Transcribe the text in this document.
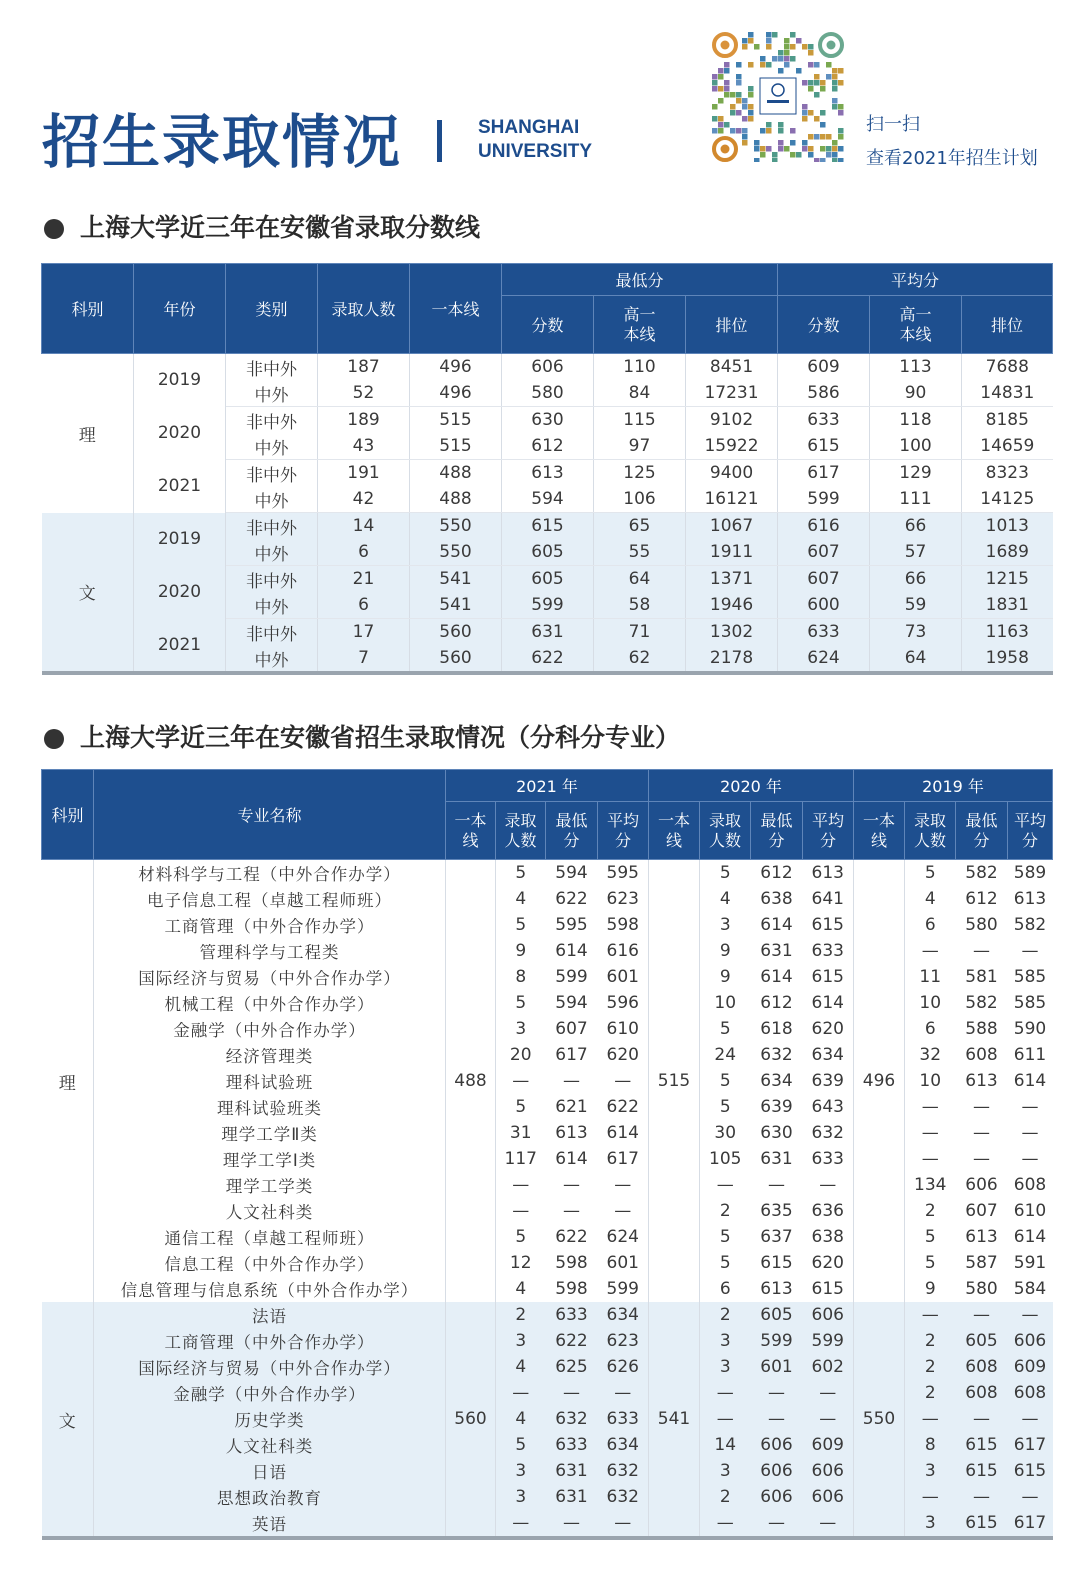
招生录取情况	SHANGHAI
UNIVERSITY
扫一扫
查看2021年招生计划
上海大学近三年在安徽省录取分数线
科别	年份	类别	录取人数	一本线	最低分			平均分		
					分数	高一本线	排位	分数	高一本线	排位
理	2019	非中外	187	496	606	110	8451	609	113	7688
		中外	52	496	580	84	17231	586	90	14831
	2020	非中外	189	515	630	115	9102	633	118	8185
		中外	43	515	612	97	15922	615	100	14659
	2021	非中外	191	488	613	125	9400	617	129	8323
		中外	42	488	594	106	16121	599	111	14125
文	2019	非中外	14	550	615	65	1067	616	66	1013
		中外	6	550	605	55	1911	607	57	1689
	2020	非中外	21	541	605	64	1371	607	66	1215
		中外	6	541	599	58	1946	600	59	1831
	2021	非中外	17	560	631	71	1302	633	73	1163
		中外	7	560	622	62	2178	624	64	1958
上海大学近三年在安徽省招生录取情况（分科分专业）
科别	专业名称	2021 年				2020 年				2019 年			
		一本线	录取人数	最低分	平均分	一本线	录取人数	最低分	平均分	一本线	录取人数	最低分	平均分
理	材料科学与工程（中外合作办学）	488	5	594	595	515	5	612	613	496	5	582	589
	电子信息工程（卓越工程师班）		4	622	623		4	638	641		4	612	613
	工商管理（中外合作办学）		5	595	598		3	614	615		6	580	582
	管理科学与工程类		9	614	616		9	631	633		—	—	—
	国际经济与贸易（中外合作办学）		8	599	601		9	614	615		11	581	585
	机械工程（中外合作办学）		5	594	596		10	612	614		10	582	585
	金融学（中外合作办学）		3	607	610		5	618	620		6	588	590
	经济管理类		20	617	620		24	632	634		32	608	611
	理科试验班		—	—	—		5	634	639		10	613	614
	理科试验班类		5	621	622		5	639	643		—	—	—
	理学工学Ⅱ类		31	613	614		30	630	632		—	—	—
	理学工学Ⅰ类		117	614	617		105	631	633		—	—	—
	理学工学类		—	—	—		—	—	—		134	606	608
	人文社科类		—	—	—		2	635	636		2	607	610
	通信工程（卓越工程师班）		5	622	624		5	637	638		5	613	614
	信息工程（中外合作办学）		12	598	601		5	615	620		5	587	591
	信息管理与信息系统（中外合作办学）		4	598	599		6	613	615		9	580	584
文	法语	560	2	633	634	541	2	605	606	550	—	—	—
	工商管理（中外合作办学）		3	622	623		3	599	599		2	605	606
	国际经济与贸易（中外合作办学）		4	625	626		3	601	602		2	608	609
	金融学（中外合作办学）		—	—	—		—	—	—		2	608	608
	历史学类		4	632	633		—	—	—		—	—	—
	人文社科类		5	633	634		14	606	609		8	615	617
	日语		3	631	632		3	606	606		3	615	615
	思想政治教育		3	631	632		2	606	606		—	—	—
	英语		—	—	—		—	—	—		3	615	617
